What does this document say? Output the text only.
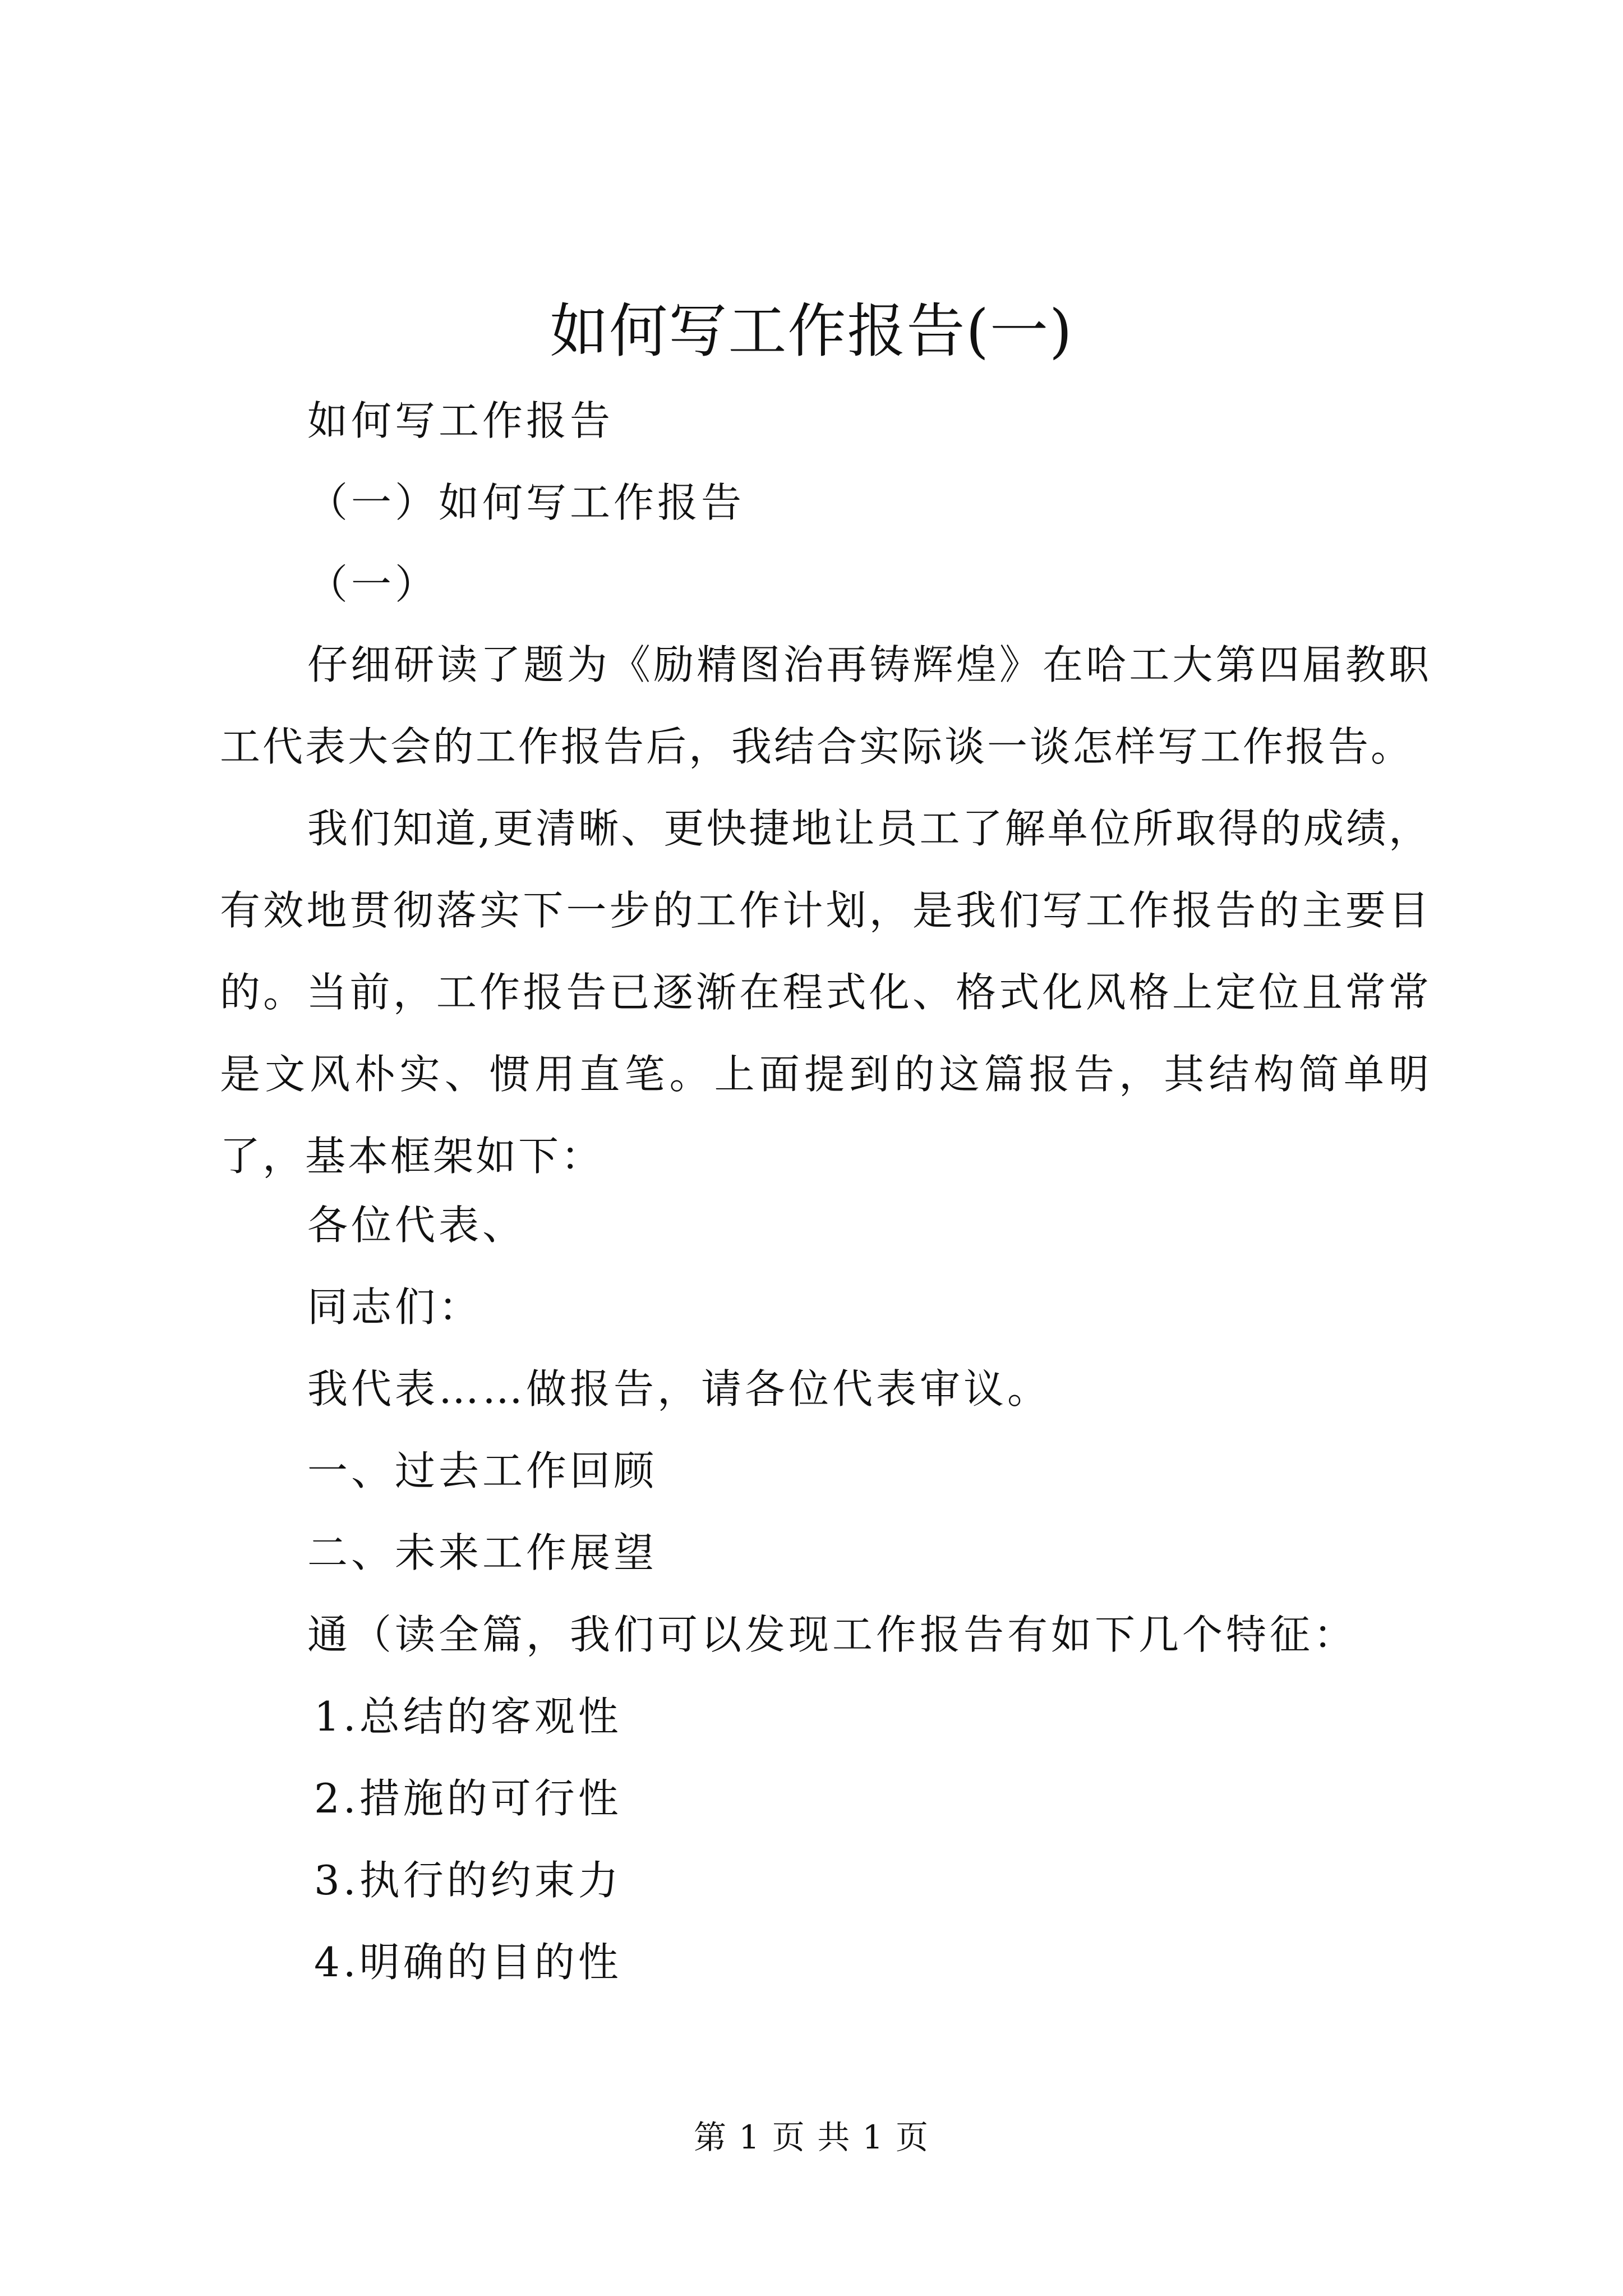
如何写工作报告(一)

如何写工作报告

（一）如何写工作报告

（一）

仔细研读了题为《励精图治再铸辉煌》在哈工大第四届教职工代表大会的工作报告后，我结合实际谈一谈怎样写工作报告。

我们知道,更清晰、更快捷地让员工了解单位所取得的成绩，有效地贯彻落实下一步的工作计划，是我们写工作报告的主要目的。当前，工作报告已逐渐在程式化、格式化风格上定位且常常是文风朴实、惯用直笔。上面提到的这篇报告，其结构简单明了，基本框架如下：

各位代表、

同志们：

我代表……做报告，请各位代表审议。

一、过去工作回顾

二、未来工作展望

通（读全篇，我们可以发现工作报告有如下几个特征：

1.总结的客观性

2.措施的可行性

3.执行的约束力

4.明确的目的性

第 1 页 共 1 页
